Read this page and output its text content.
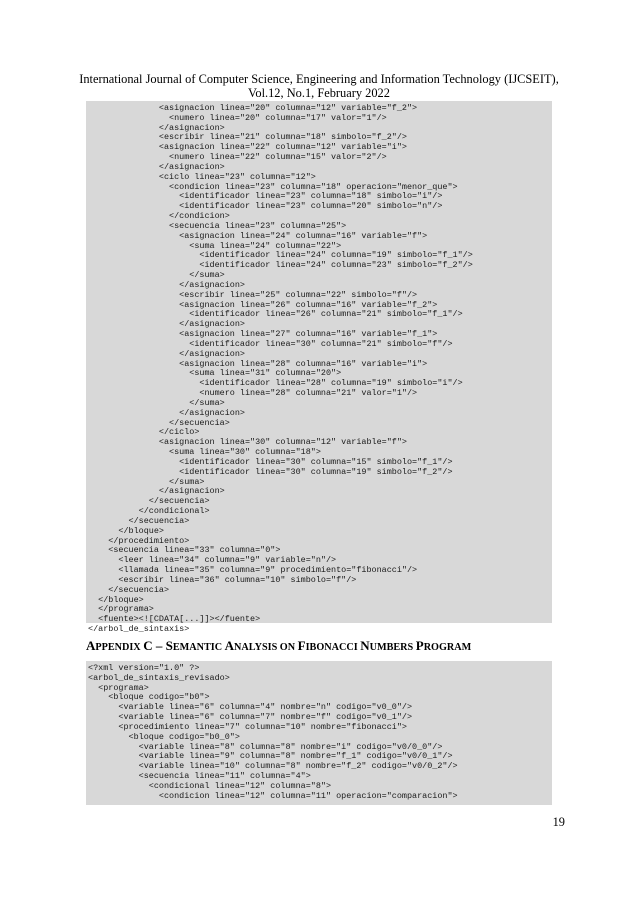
International Journal of Computer Science, Engineering and Information Technology (IJCSEIT),
Vol.12, No.1, February 2022
<asignacion linea="20" columna="12" variable="f_2">
<numero linea="20" columna="17" valor="1"/>
</asignacion>
<escribir linea="21" columna="18" simbolo="f_2"/>
<asignacion linea="22" columna="12" variable="i">
<numero linea="22" columna="15" valor="2"/>
</asignacion>
<ciclo linea="23" columna="12">
<condicion linea="23" columna="18" operacion="menor_que">
<identificador linea="23" columna="18" simbolo="i"/>
<identificador linea="23" columna="20" simbolo="n"/>
</condicion>
<secuencia linea="23" columna="25">
<asignacion linea="24" columna="16" variable="f">
<suma linea="24" columna="22">
<identificador linea="24" columna="19" simbolo="f_1"/>
<identificador linea="24" columna="23" simbolo="f_2"/>
</suma>
</asignacion>
<escribir linea="25" columna="22" simbolo="f"/>
<asignacion linea="26" columna="16" variable="f_2">
<identificador linea="26" columna="21" simbolo="f_1"/>
</asignacion>
<asignacion linea="27" columna="16" variable="f_1">
<identificador linea="30" columna="21" simbolo="f"/>
</asignacion>
<asignacion linea="28" columna="16" variable="i">
<suma linea="31" columna="20">
<identificador linea="28" columna="19" simbolo="i"/>
<numero linea="28" columna="21" valor="1"/>
</suma>
</asignacion>
</secuencia>
</ciclo>
<asignacion linea="30" columna="12" variable="f">
<suma linea="30" columna="18">
<identificador linea="30" columna="15" simbolo="f_1"/>
<identificador linea="30" columna="19" simbolo="f_2"/>
</suma>
</asignacion>
</secuencia>
</condicional>
</secuencia>
</bloque>
</procedimiento>
<secuencia linea="33" columna="0">
<leer linea="34" columna="9" variable="n"/>
<llamada linea="35" columna="9" procedimiento="fibonacci"/>
<escribir linea="36" columna="10" simbolo="f"/>
</secuencia>
</bloque>
</programa>
<fuente><![CDATA[...]]></fuente>
</arbol_de_sintaxis>
APPENDIX C – SEMANTIC ANALYSIS ON FIBONACCI NUMBERS PROGRAM
<?xml version="1.0" ?>
<arbol_de_sintaxis_revisado>
<programa>
<bloque codigo="b0">
<variable linea="6" columna="4" nombre="n" codigo="v0_0"/>
<variable linea="6" columna="7" nombre="f" codigo="v0_1"/>
<procedimiento linea="7" columna="10" nombre="fibonacci">
<bloque codigo="b0_0">
<variable linea="8" columna="8" nombre="i" codigo="v0/0_0"/>
<variable linea="9" columna="8" nombre="f_1" codigo="v0/0_1"/>
<variable linea="10" columna="8" nombre="f_2" codigo="v0/0_2"/>
<secuencia linea="11" columna="4">
<condicional linea="12" columna="8">
<condicion linea="12" columna="11" operacion="comparacion">
19
